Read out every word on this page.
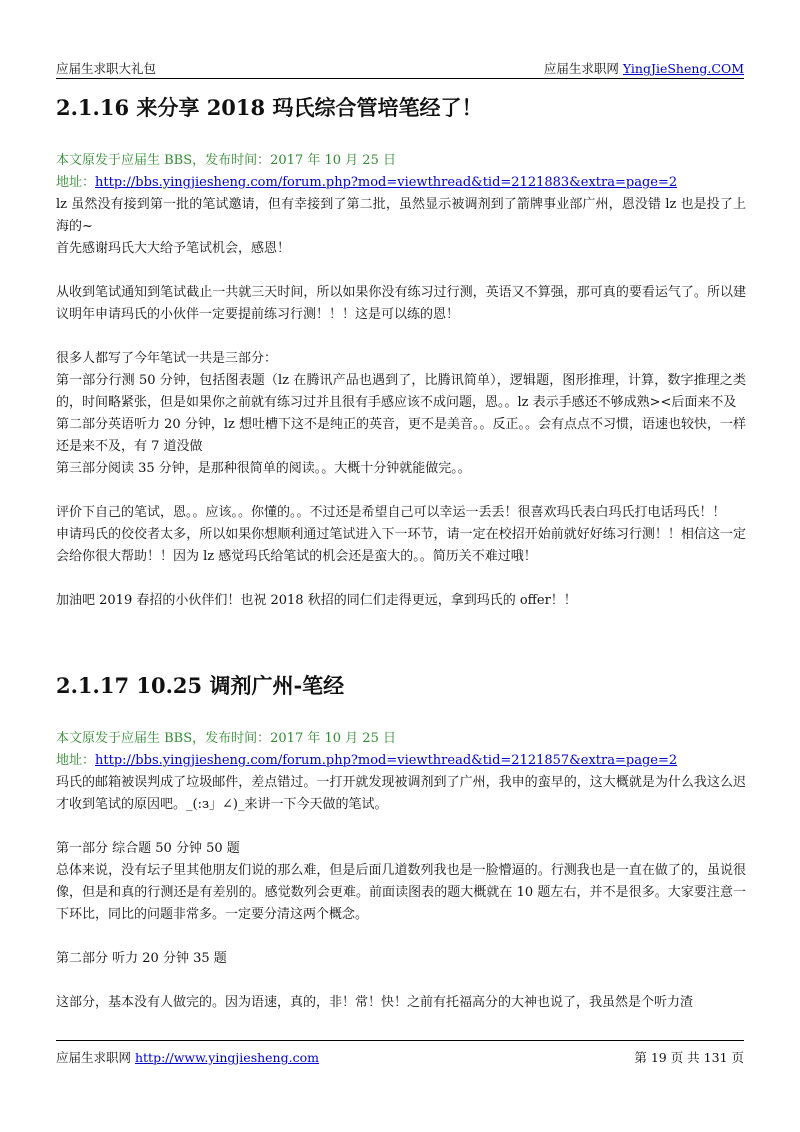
应届生求职大礼包	应届生求职网 YingJieSheng.COM
2.1.16 来分享 2018 玛氏综合管培笔经了！
本文原发于应届生 BBS，发布时间：2017 年 10 月 25 日
地址：http://bbs.yingjiesheng.com/forum.php?mod=viewthread&tid=2121883&extra=page=2

lz 虽然没有接到第一批的笔试邀请，但有幸接到了第二批，虽然显示被调剂到了箭牌事业部广州，恩没错 lz 也是投了上海的~

首先感谢玛氏大大给予笔试机会，感恩！

从收到笔试通知到笔试截止一共就三天时间，所以如果你没有练习过行测，英语又不算强，那可真的要看运气了。所以建议明年申请玛氏的小伙伴一定要提前练习行测！！！这是可以练的恩！

很多人都写了今年笔试一共是三部分：

第一部分行测 50 分钟，包括图表题（lz 在腾讯产品也遇到了，比腾讯简单），逻辑题，图形推理，计算，数字推理之类的，时间略紧张，但是如果你之前就有练习过并且很有手感应该不成问题，恩。。lz 表示手感还不够成熟><后面来不及

第二部分英语听力 20 分钟，lz 想吐槽下这不是纯正的英音，更不是美音。。反正。。会有点点不习惯，语速也较快，一样还是来不及，有 7 道没做

第三部分阅读 35 分钟，是那种很简单的阅读。。大概十分钟就能做完。。

评价下自己的笔试，恩。。应该。。你懂的。。不过还是希望自己可以幸运一丢丢！很喜欢玛氏表白玛氏打电话玛氏！！

申请玛氏的佼佼者太多，所以如果你想顺利通过笔试进入下一环节，请一定在校招开始前就好好练习行测！！相信这一定会给你很大帮助！！因为 lz 感觉玛氏给笔试的机会还是蛮大的。。简历关不难过哦！

加油吧 2019 春招的小伙伴们！也祝 2018 秋招的同仁们走得更远，拿到玛氏的 offer！！

2.1.17 10.25 调剂广州-笔经
本文原发于应届生 BBS，发布时间：2017 年 10 月 25 日
地址：http://bbs.yingjiesheng.com/forum.php?mod=viewthread&tid=2121857&extra=page=2

玛氏的邮箱被误判成了垃圾邮件，差点错过。一打开就发现被调剂到了广州，我申的蛮早的，这大概就是为什么我这么迟才收到笔试的原因吧。_(:з」∠)_来讲一下今天做的笔试。

第一部分 综合题 50 分钟 50 题

总体来说，没有坛子里其他朋友们说的那么难，但是后面几道数列我也是一脸懵逼的。行测我也是一直在做了的，虽说很像，但是和真的行测还是有差别的。感觉数列会更难。前面读图表的题大概就在 10 题左右，并不是很多。大家要注意一下环比，同比的问题非常多。一定要分清这两个概念。

第二部分 听力 20 分钟 35 题

这部分，基本没有人做完的。因为语速，真的，非！常！快！之前有托福高分的大神也说了，我虽然是个听力渣

应届生求职网 http://www.yingjiesheng.com	第 19 页 共 131 页
